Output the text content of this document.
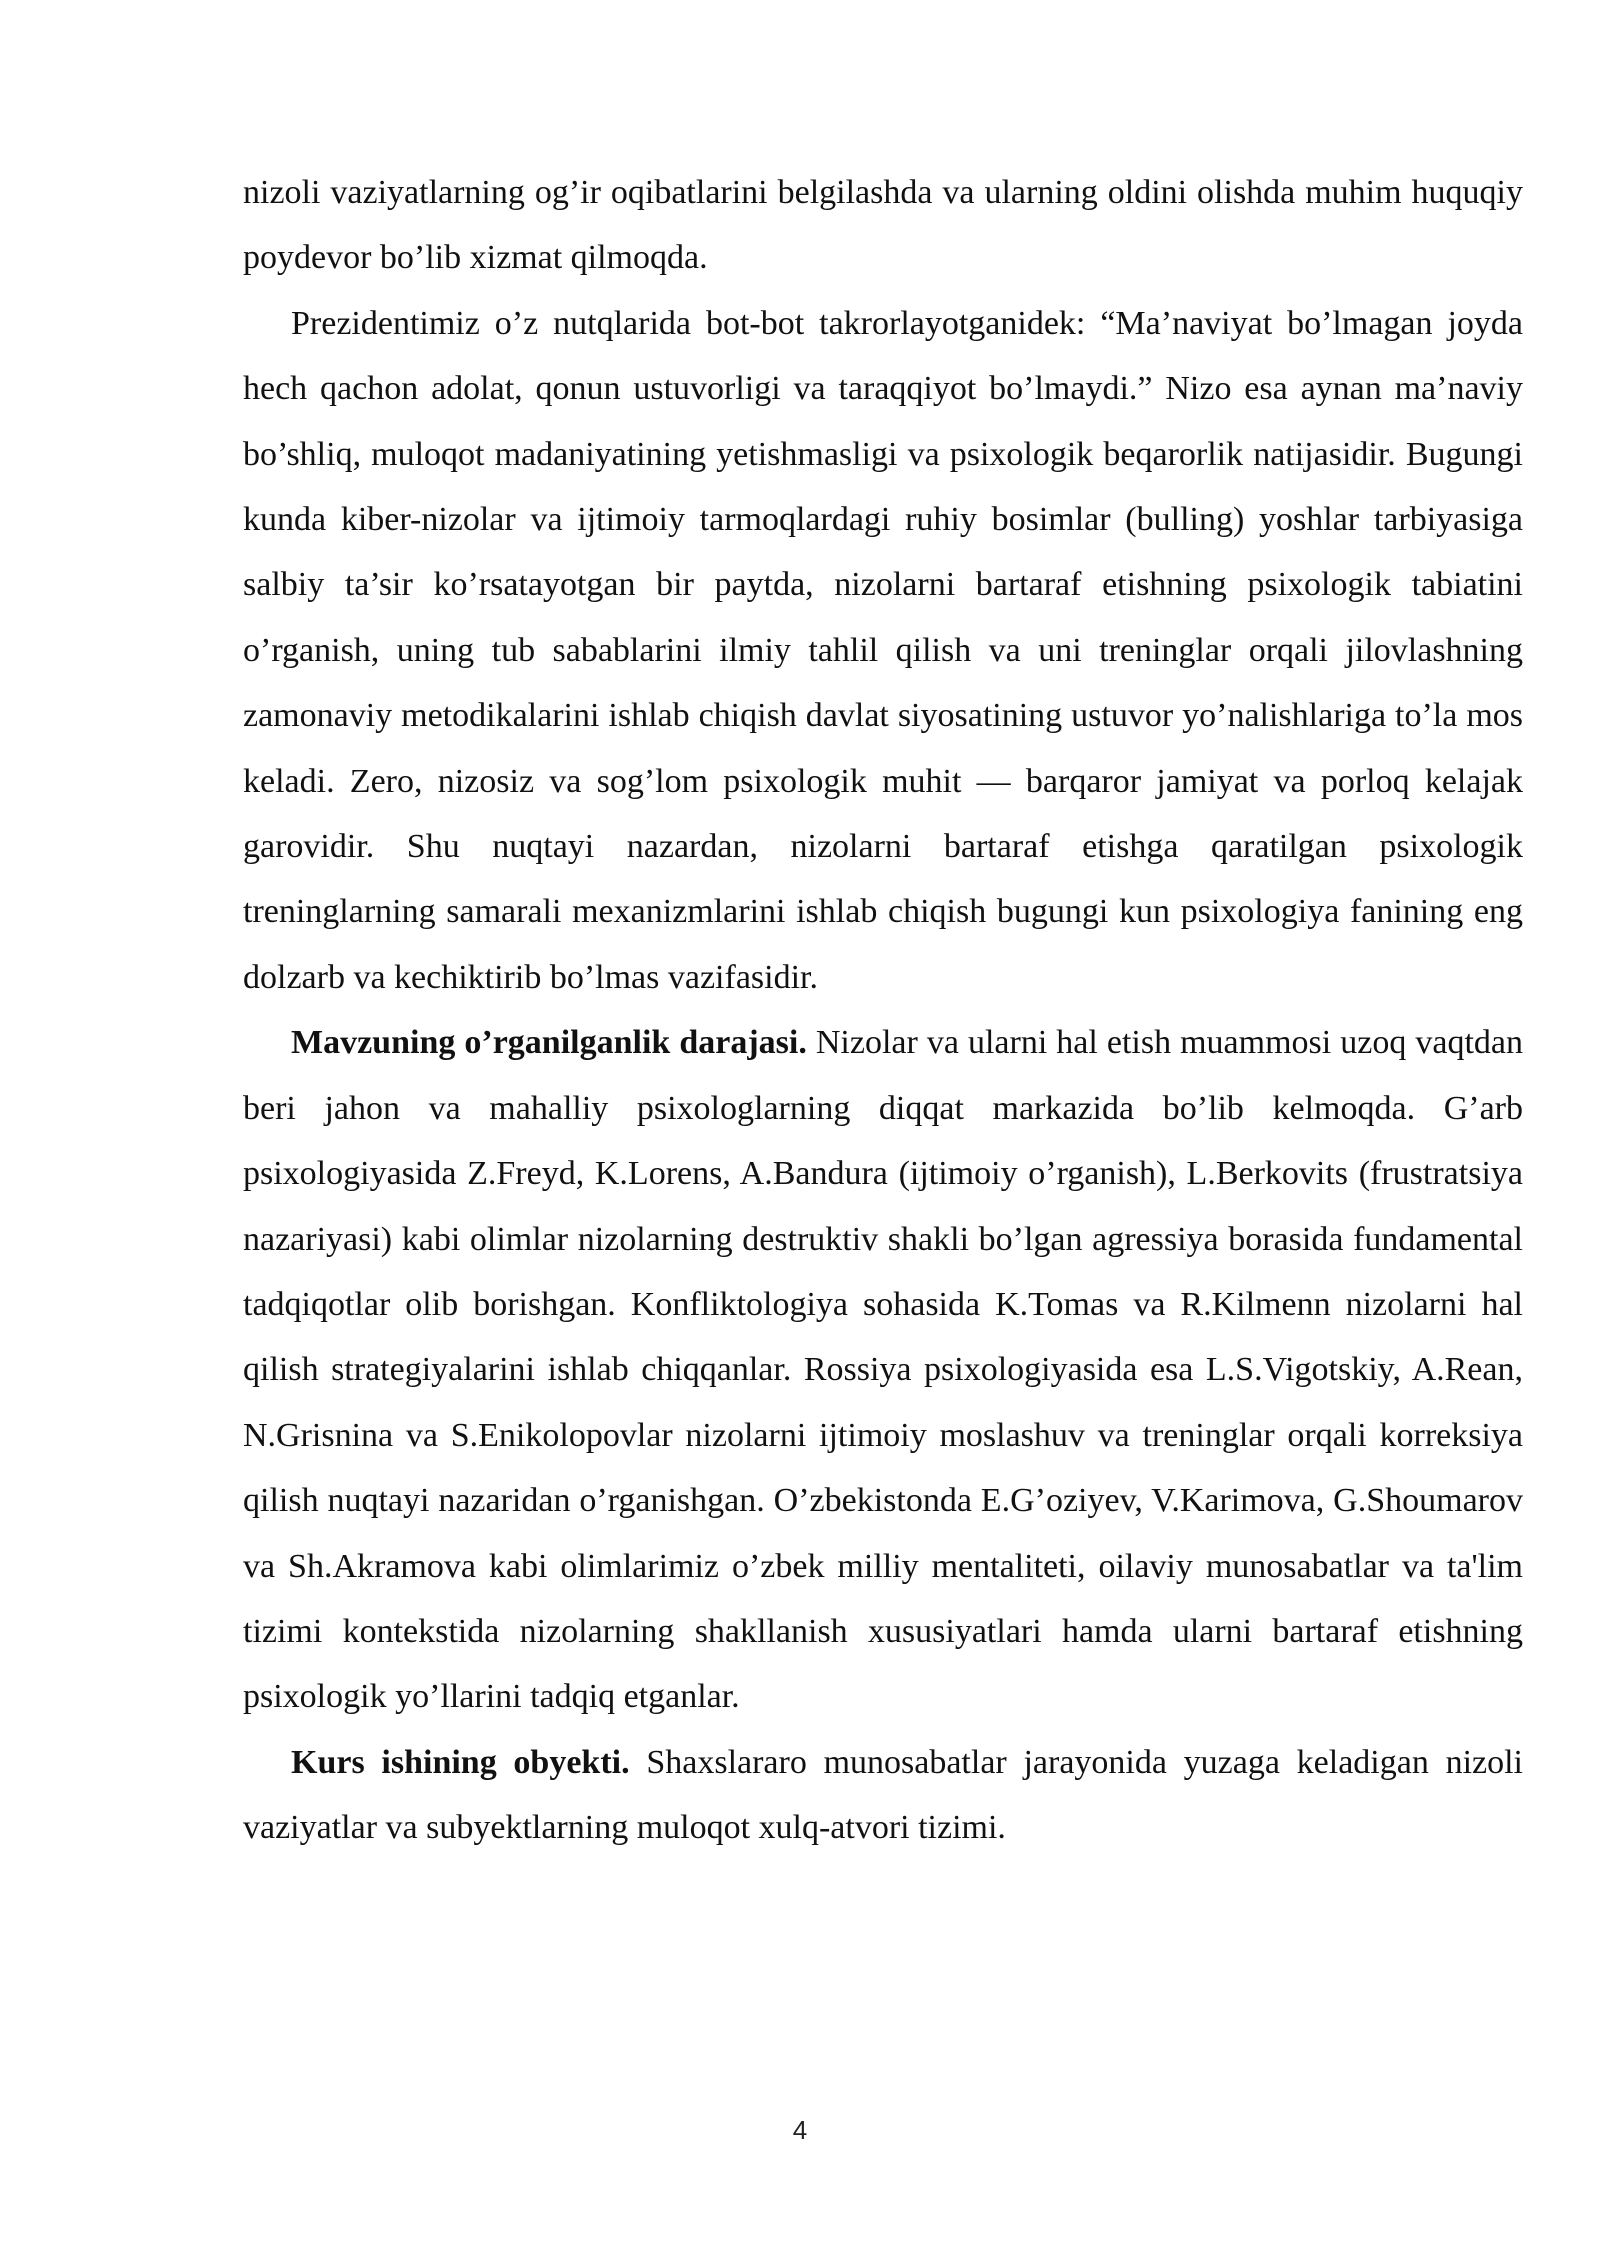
nizoli vaziyatlarning og’ir oqibatlarini belgilashda va ularning oldini olishda muhim huquqiy poydevor bo’lib xizmat qilmoqda.

Prezidentimiz o’z nutqlarida bot-bot takrorlayotganidek: “Ma’naviyat bo’lmagan joyda hech qachon adolat, qonun ustuvorligi va taraqqiyot bo’lmaydi.” Nizo esa aynan ma’naviy bo’shliq, muloqot madaniyatining yetishmasligi va psixologik beqarorlik natijasidir. Bugungi kunda kiber-nizolar va ijtimoiy tarmoqlardagi ruhiy bosimlar (bulling) yoshlar tarbiyasiga salbiy ta’sir ko’rsatayotgan bir paytda, nizolarni bartaraf etishning psixologik tabiatini o’rganish, uning tub sabablarini ilmiy tahlil qilish va uni treninglar orqali jilovlashning zamonaviy metodikalarini ishlab chiqish davlat siyosatining ustuvor yo’nalishlariga to’la mos keladi. Zero, nizosiz va sog’lom psixologik muhit — barqaror jamiyat va porloq kelajak garovidir. Shu nuqtayi nazardan, nizolarni bartaraf etishga qaratilgan psixologik treninglarning samarali mexanizmlarini ishlab chiqish bugungi kun psixologiya fanining eng dolzarb va kechiktirib bo’lmas vazifasidir.

Mavzuning o’rganilganlik darajasi. Nizolar va ularni hal etish muammosi uzoq vaqtdan beri jahon va mahalliy psixologlarning diqqat markazida bo’lib kelmoqda. G’arb psixologiyasida Z.Freyd, K.Lorens, A.Bandura (ijtimoiy o’rganish), L.Berkovits (frustratsiya nazariyasi) kabi olimlar nizolarning destruktiv shakli bo’lgan agressiya borasida fundamental tadqiqotlar olib borishgan. Konfliktologiya sohasida K.Tomas va R.Kilmenn nizolarni hal qilish strategiyalarini ishlab chiqqanlar. Rossiya psixologiyasida esa L.S.Vigotskiy, A.Rean, N.Grisnina va S.Enikolopovlar nizolarni ijtimoiy moslashuv va treninglar orqali korreksiya qilish nuqtayi nazaridan o’rganishgan. O’zbekistonda E.G’oziyev, V.Karimova, G.Shoumarov va Sh.Akramova kabi olimlarimiz o’zbek milliy mentaliteti, oilaviy munosabatlar va ta'lim tizimi kontekstida nizolarning shakllanish xususiyatlari hamda ularni bartaraf etishning psixologik yo’llarini tadqiq etganlar.

Kurs ishining obyekti. Shaxslararo munosabatlar jarayonida yuzaga keladigan nizoli vaziyatlar va subyektlarning muloqot xulq-atvori tizimi.

4
